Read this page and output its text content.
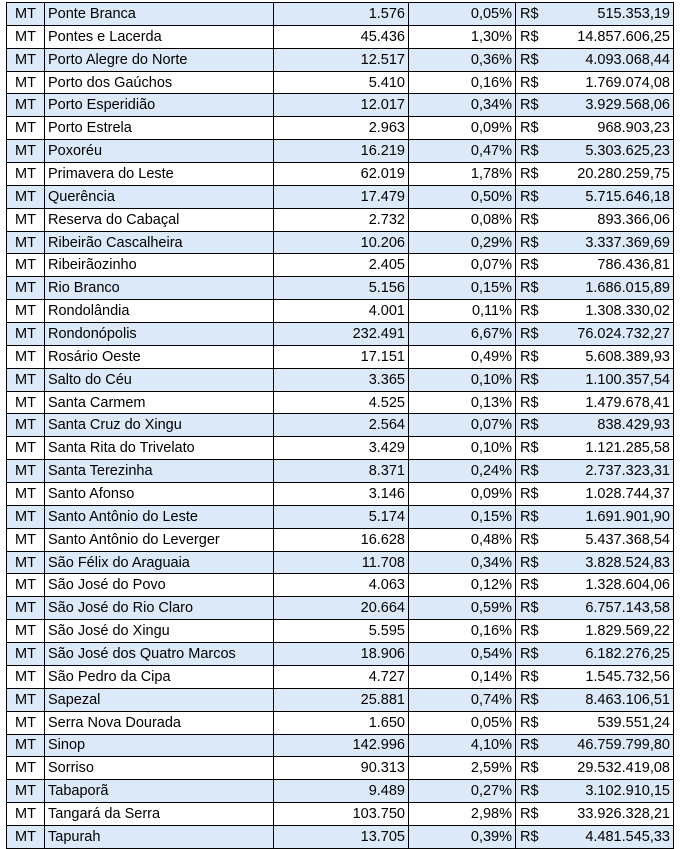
MT	Ponte Branca	1.576	0,05%	R$	515.353,19
MT	Pontes e Lacerda	45.436	1,30%	R$	14.857.606,25
MT	Porto Alegre do Norte	12.517	0,36%	R$	4.093.068,44
MT	Porto dos Gaúchos	5.410	0,16%	R$	1.769.074,08
MT	Porto Esperidião	12.017	0,34%	R$	3.929.568,06
MT	Porto Estrela	2.963	0,09%	R$	968.903,23
MT	Poxoréu	16.219	0,47%	R$	5.303.625,23
MT	Primavera do Leste	62.019	1,78%	R$	20.280.259,75
MT	Querência	17.479	0,50%	R$	5.715.646,18
MT	Reserva do Cabaçal	2.732	0,08%	R$	893.366,06
MT	Ribeirão Cascalheira	10.206	0,29%	R$	3.337.369,69
MT	Ribeirãozinho	2.405	0,07%	R$	786.436,81
MT	Rio Branco	5.156	0,15%	R$	1.686.015,89
MT	Rondolândia	4.001	0,11%	R$	1.308.330,02
MT	Rondonópolis	232.491	6,67%	R$	76.024.732,27
MT	Rosário Oeste	17.151	0,49%	R$	5.608.389,93
MT	Salto do Céu	3.365	0,10%	R$	1.100.357,54
MT	Santa Carmem	4.525	0,13%	R$	1.479.678,41
MT	Santa Cruz do Xingu	2.564	0,07%	R$	838.429,93
MT	Santa Rita do Trivelato	3.429	0,10%	R$	1.121.285,58
MT	Santa Terezinha	8.371	0,24%	R$	2.737.323,31
MT	Santo Afonso	3.146	0,09%	R$	1.028.744,37
MT	Santo Antônio do Leste	5.174	0,15%	R$	1.691.901,90
MT	Santo Antônio do Leverger	16.628	0,48%	R$	5.437.368,54
MT	São Félix do Araguaia	11.708	0,34%	R$	3.828.524,83
MT	São José do Povo	4.063	0,12%	R$	1.328.604,06
MT	São José do Rio Claro	20.664	0,59%	R$	6.757.143,58
MT	São José do Xingu	5.595	0,16%	R$	1.829.569,22
MT	São José dos Quatro Marcos	18.906	0,54%	R$	6.182.276,25
MT	São Pedro da Cipa	4.727	0,14%	R$	1.545.732,56
MT	Sapezal	25.881	0,74%	R$	8.463.106,51
MT	Serra Nova Dourada	1.650	0,05%	R$	539.551,24
MT	Sinop	142.996	4,10%	R$	46.759.799,80
MT	Sorriso	90.313	2,59%	R$	29.532.419,08
MT	Tabaporã	9.489	0,27%	R$	3.102.910,15
MT	Tangará da Serra	103.750	2,98%	R$	33.926.328,21
MT	Tapurah	13.705	0,39%	R$	4.481.545,33
